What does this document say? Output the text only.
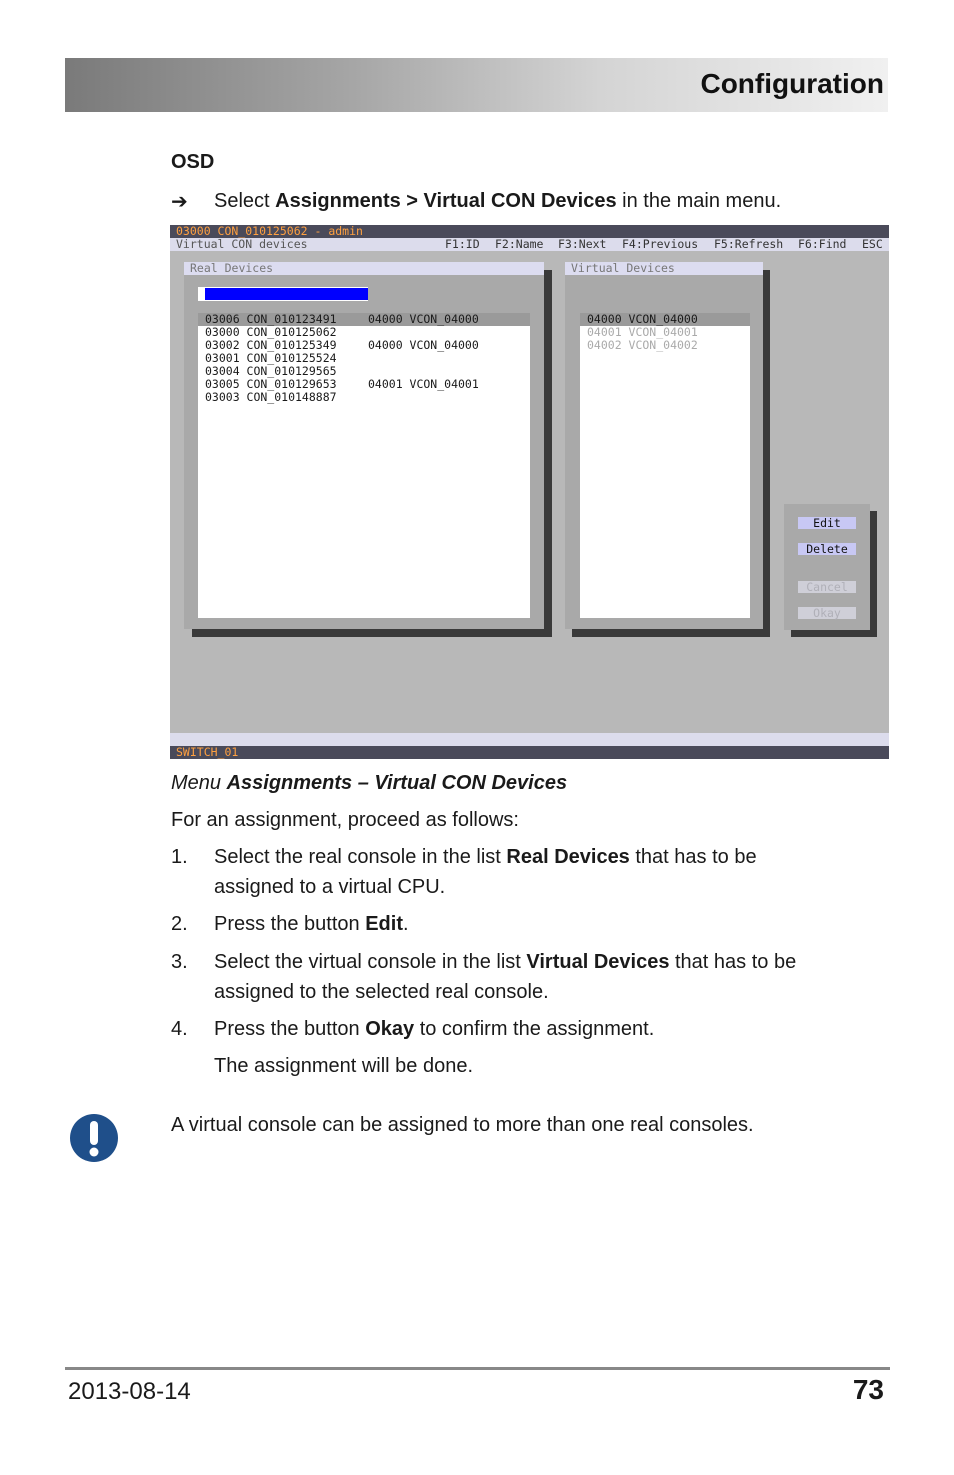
Configuration
OSD
➔ Select Assignments > Virtual CON Devices in the main menu.
03000 CON_010125062 - admin
Virtual CON devices	F1:ID F2:Name F3:Next F4:Previous F5:Refresh F6:Find ESC
Real Devices
03006 CON_010123491	04000 VCON_04000
03000 CON_010125062
03002 CON_010125349	04000 VCON_04000
03001 CON_010125524
03004 CON_010129565
03005 CON_010129653	04001 VCON_04001
03003 CON_010148887
Virtual Devices
04000 VCON_04000
04001 VCON_04001
04002 VCON_04002
Edit
Delete
Cancel
Okay
SWITCH_01
Menu Assignments – Virtual CON Devices
For an assignment, proceed as follows:
1. Select the real console in the list Real Devices that has to be
assigned to a virtual CPU.
2. Press the button Edit.
3. Select the virtual console in the list Virtual Devices that has to be
assigned to the selected real console.
4. Press the button Okay to confirm the assignment.
The assignment will be done.
A virtual console can be assigned to more than one real consoles.
2013-08-14	73
